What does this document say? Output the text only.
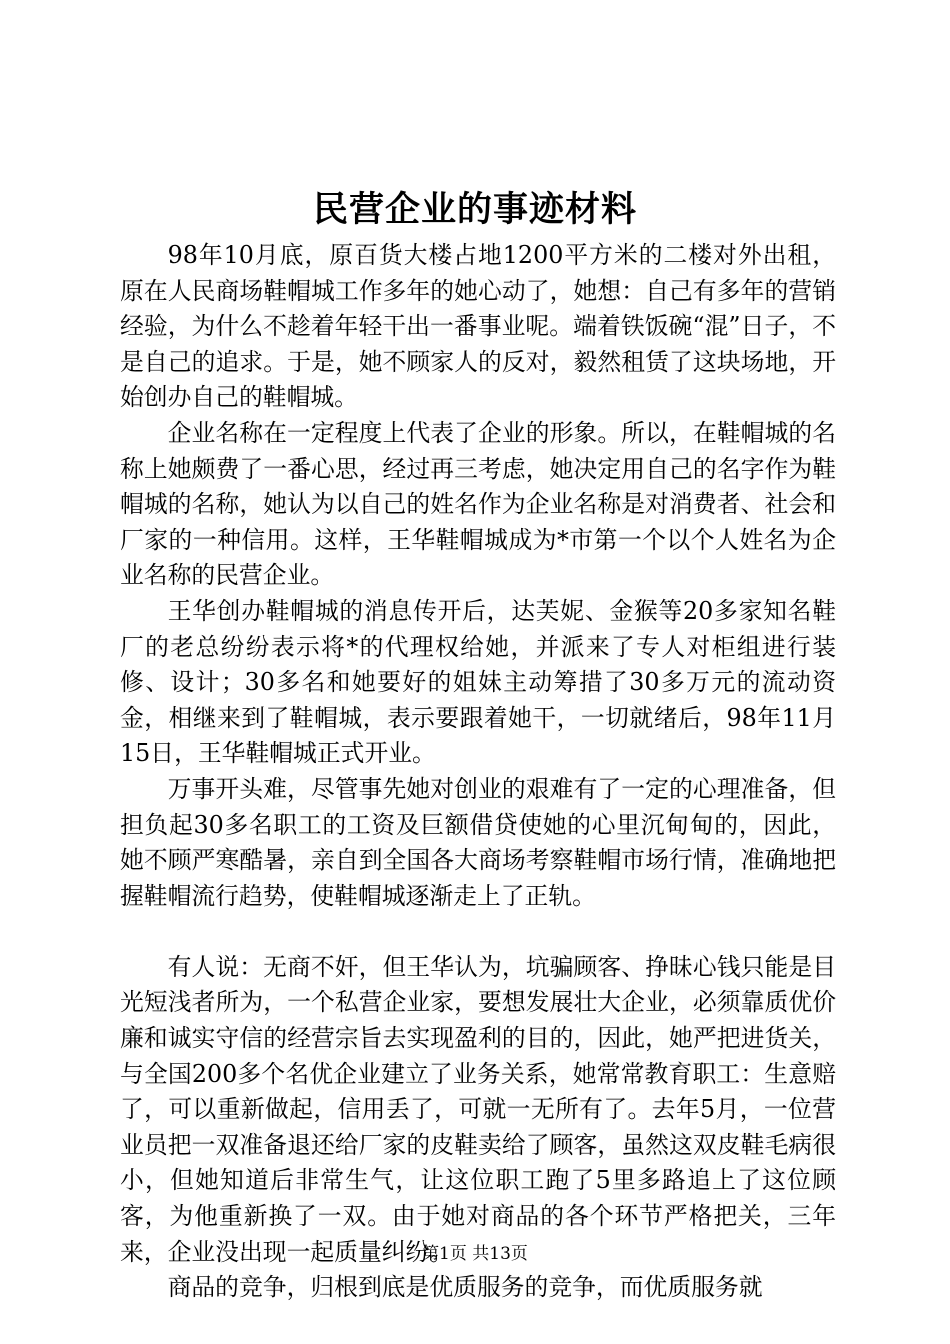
民营企业的事迹材料

98年10月底，原百货大楼占地1200平方米的二楼对外出租，原在人民商场鞋帽城工作多年的她心动了，她想：自己有多年的营销经验，为什么不趁着年轻干出一番事业呢。端着铁饭碗“混”日子，不是自己的追求。于是，她不顾家人的反对，毅然租赁了这块场地，开始创办自己的鞋帽城。

企业名称在一定程度上代表了企业的形象。所以，在鞋帽城的名称上她颇费了一番心思，经过再三考虑，她决定用自己的名字作为鞋帽城的名称，她认为以自己的姓名作为企业名称是对消费者、社会和厂家的一种信用。这样，王华鞋帽城成为*市第一个以个人姓名为企业名称的民营企业。

王华创办鞋帽城的消息传开后，达芙妮、金猴等20多家知名鞋厂的老总纷纷表示将*的代理权给她，并派来了专人对柜组进行装修、设计；30多名和她要好的姐妹主动筹措了30多万元的流动资金，相继来到了鞋帽城，表示要跟着她干，一切就绪后，98年11月15日，王华鞋帽城正式开业。

万事开头难，尽管事先她对创业的艰难有了一定的心理准备，但担负起30多名职工的工资及巨额借贷使她的心里沉甸甸的，因此，她不顾严寒酷暑，亲自到全国各大商场考察鞋帽市场行情，准确地把握鞋帽流行趋势，使鞋帽城逐渐走上了正轨。

有人说：无商不奸，但王华认为，坑骗顾客、挣昧心钱只能是目光短浅者所为，一个私营企业家，要想发展壮大企业，必须靠质优价廉和诚实守信的经营宗旨去实现盈利的目的，因此，她严把进货关，与全国200多个名优企业建立了业务关系，她常常教育职工：生意赔了，可以重新做起，信用丢了，可就一无所有了。去年5月，一位营业员把一双准备退还给厂家的皮鞋卖给了顾客，虽然这双皮鞋毛病很小，但她知道后非常生气，让这位职工跑了5里多路追上了这位顾客，为他重新换了一双。由于她对商品的各个环节严格把关，三年来，企业没出现一起质量纠纷。

商品的竞争，归根到底是优质服务的竞争，而优质服务就

第1页 共13页
